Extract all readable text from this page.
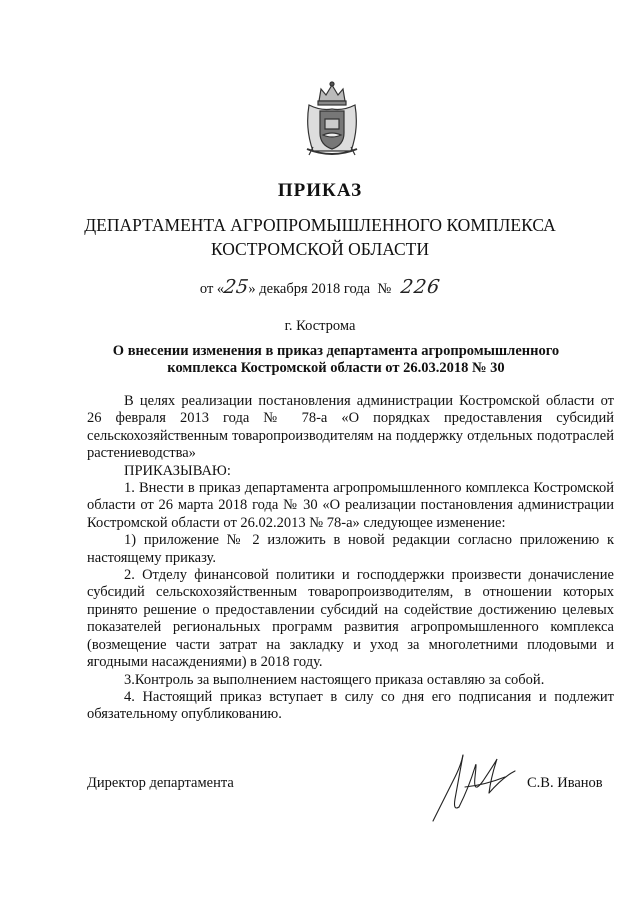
ПРИКАЗ
ДЕПАРТАМЕНТА АГРОПРОМЫШЛЕННОГО КОМПЛЕКСА
КОСТРОМСКОЙ ОБЛАСТИ
от «25» декабря 2018 года № 226
г. Кострома
О внесении изменения в приказ департамента агропромышленного
комплекса Костромской области от 26.03.2018 № 30

В целях реализации постановления администрации Костромской области от 26 февраля 2013 года № 78-а «О порядках предоставления субсидий сельскохозяйственным товаропроизводителям на поддержку отдельных подотраслей растениеводства»

ПРИКАЗЫВАЮ:

1. Внести в приказ департамента агропромышленного комплекса Костромской области от 26 марта 2018 года № 30 «О реализации постановления администрации Костромской области от 26.02.2013 № 78-а» следующее изменение:

1) приложение № 2 изложить в новой редакции согласно приложению к настоящему приказу.

2. Отделу финансовой политики и господдержки произвести доначисление субсидий сельскохозяйственным товаропроизводителям, в отношении которых принято решение о предоставлении субсидий на содействие достижению целевых показателей региональных программ развития агропромышленного комплекса (возмещение части затрат на закладку и уход за многолетними плодовыми и ягодными насаждениями) в 2018 году.

3.Контроль за выполнением настоящего приказа оставляю за собой.

4. Настоящий приказ вступает в силу со дня его подписания и подлежит обязательному опубликованию.

Директор департамента	С.В. Иванов
